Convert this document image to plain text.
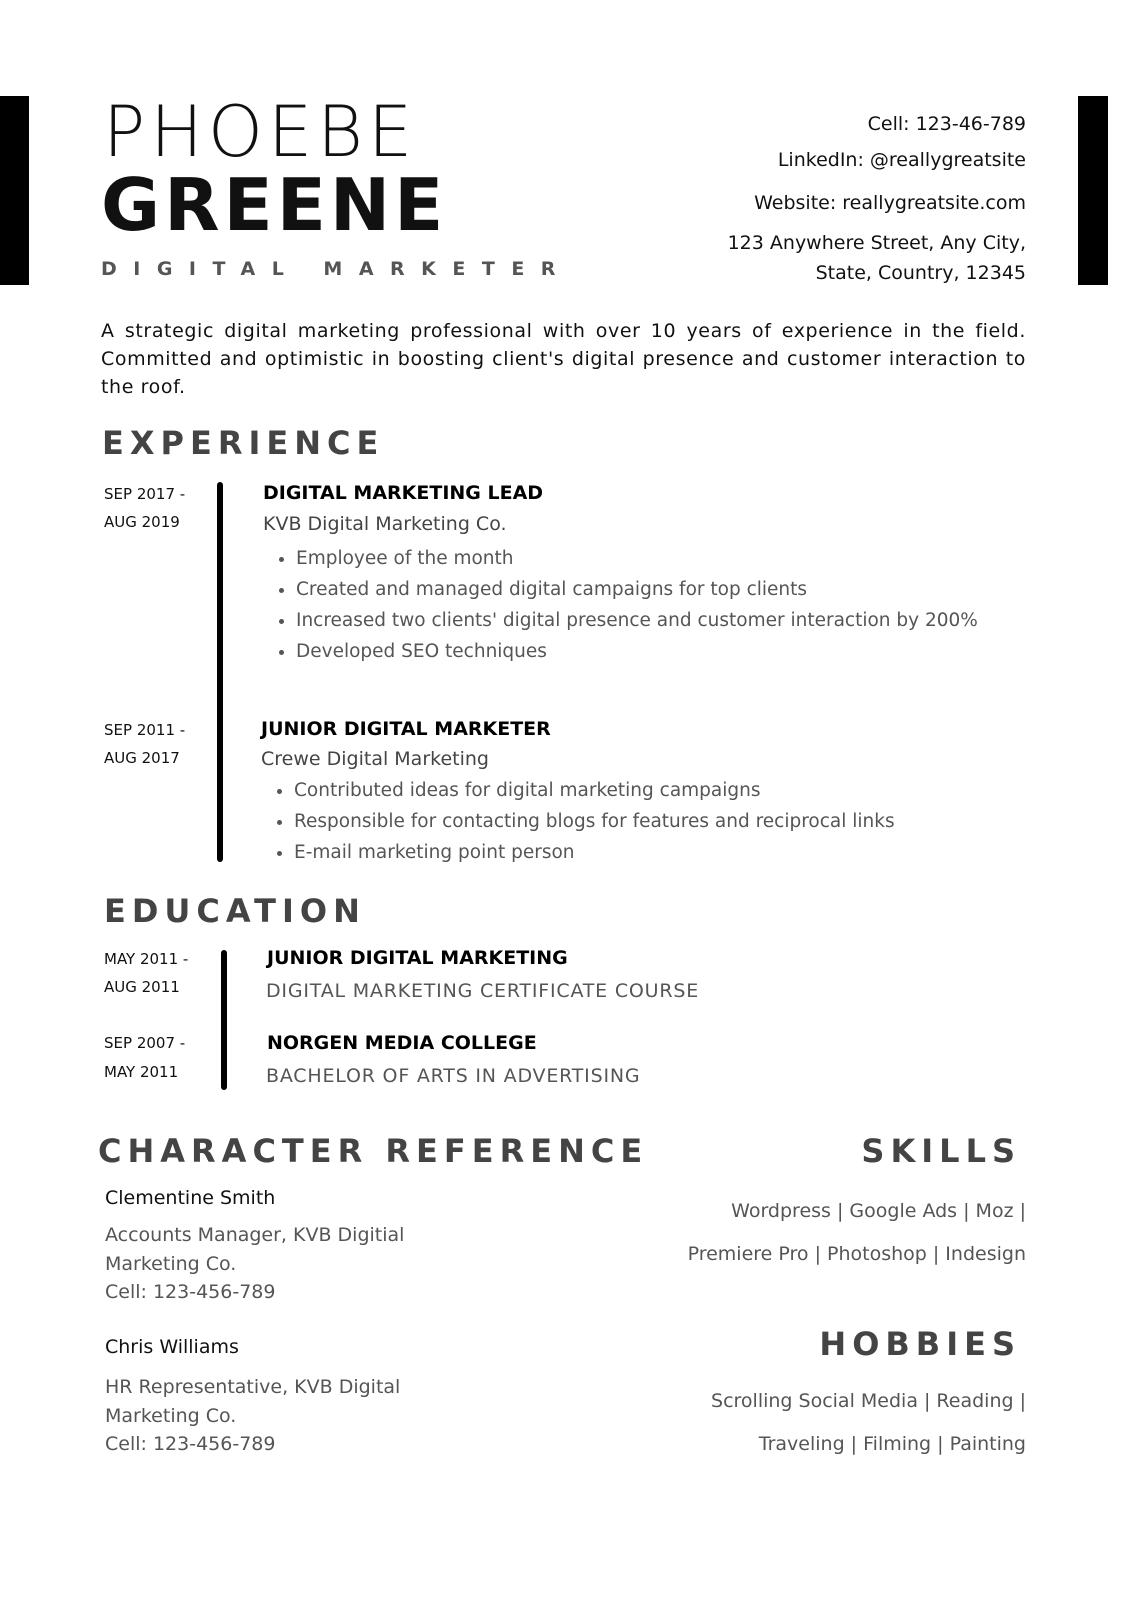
PHOEBE
GREENE
DIGITAL MARKETER
Cell: 123-46-789
LinkedIn: @reallygreatsite
Website: reallygreatsite.com
123 Anywhere Street, Any City,
State, Country, 12345
A strategic digital marketing professional with over 10 years of experience in the field. Committed and optimistic in boosting client's digital presence and customer interaction to the roof.
EXPERIENCE
SEP 2017 -
AUG 2019
DIGITAL MARKETING LEAD
KVB Digital Marketing Co.
• Employee of the month
• Created and managed digital campaigns for top clients
• Increased two clients' digital presence and customer interaction by 200%
• Developed SEO techniques
SEP 2011 -
AUG 2017
JUNIOR DIGITAL MARKETER
Crewe Digital Marketing
• Contributed ideas for digital marketing campaigns
• Responsible for contacting blogs for features and reciprocal links
• E-mail marketing point person
EDUCATION
MAY 2011 -
AUG 2011
JUNIOR DIGITAL MARKETING
DIGITAL MARKETING CERTIFICATE COURSE
SEP 2007 -
MAY 2011
NORGEN MEDIA COLLEGE
BACHELOR OF ARTS IN ADVERTISING
CHARACTER REFERENCE
Clementine Smith
Accounts Manager, KVB Digitial
Marketing Co.
Cell: 123-456-789
Chris Williams
HR Representative, KVB Digital
Marketing Co.
Cell: 123-456-789
SKILLS
Wordpress | Google Ads | Moz |
Premiere Pro | Photoshop | Indesign
HOBBIES
Scrolling Social Media | Reading |
Traveling | Filming | Painting
